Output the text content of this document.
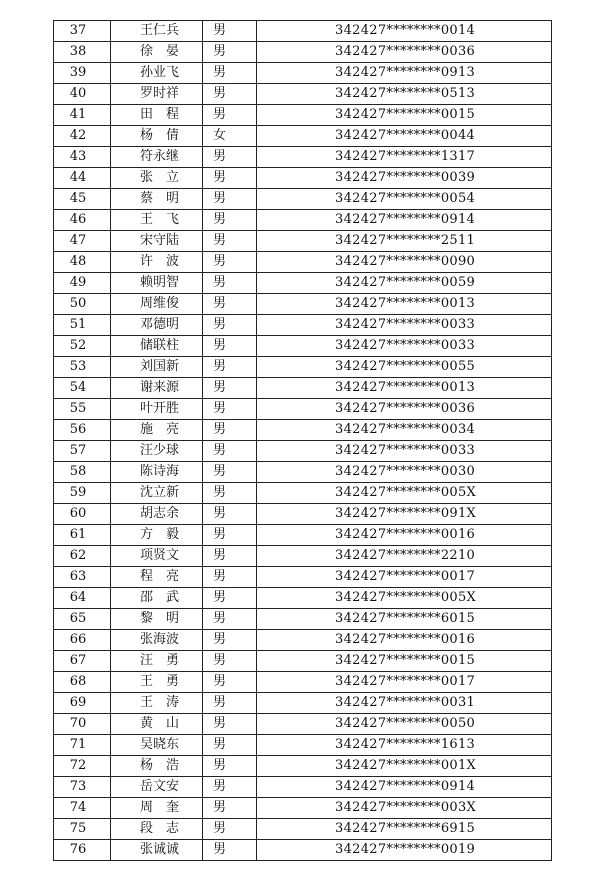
37	王仁兵	男	342427********0014
38	徐　晏	男	342427********0036
39	孙业飞	男	342427********0913
40	罗时祥	男	342427********0513
41	田　程	男	342427********0015
42	杨　倩	女	342427********0044
43	符永继	男	342427********1317
44	张　立	男	342427********0039
45	蔡　明	男	342427********0054
46	王　飞	男	342427********0914
47	宋守陆	男	342427********2511
48	许　波	男	342427********0090
49	赖明智	男	342427********0059
50	周维俊	男	342427********0013
51	邓德明	男	342427********0033
52	储联柱	男	342427********0033
53	刘国新	男	342427********0055
54	谢来源	男	342427********0013
55	叶开胜	男	342427********0036
56	施　亮	男	342427********0034
57	汪少球	男	342427********0033
58	陈诗海	男	342427********0030
59	沈立新	男	342427********005X
60	胡志余	男	342427********091X
61	方　毅	男	342427********0016
62	项贤文	男	342427********2210
63	程　亮	男	342427********0017
64	邵　武	男	342427********005X
65	黎　明	男	342427********6015
66	张海波	男	342427********0016
67	汪　勇	男	342427********0015
68	王　勇	男	342427********0017
69	王　涛	男	342427********0031
70	黄　山	男	342427********0050
71	吴晓东	男	342427********1613
72	杨　浩	男	342427********001X
73	岳文安	男	342427********0914
74	周　奎	男	342427********003X
75	段　志	男	342427********6915
76	张诚诚	男	342427********0019
